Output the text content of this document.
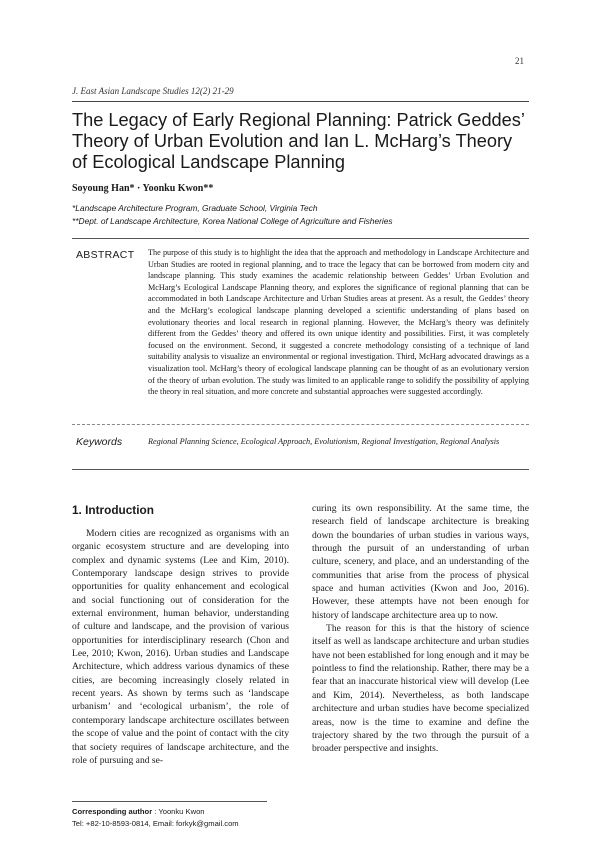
21
J. East Asian Landscape Studies 12(2) 21-29
The Legacy of Early Regional Planning: Patrick Geddes’ Theory of Urban Evolution and Ian L. McHarg’s Theory of Ecological Landscape Planning
Soyoung Han* · Yoonku Kwon**
*Landscape Architecture Program, Graduate School, Virginia Tech
**Dept. of Landscape Architecture, Korea National College of Agriculture and Fisheries
ABSTRACT The purpose of this study is to highlight the idea that the approach and methodology in Landscape Architecture and Urban Studies are rooted in regional planning, and to trace the legacy that can be borrowed from modern city and landscape planning. This study examines the academic relationship between Geddes’ Urban Evolution and McHarg’s Ecological Landscape Planning theory, and explores the significance of regional planning that can be accommodated in both Landscape Architecture and Urban Studies areas at present. As a result, the Geddes’ theory and the McHarg’s ecological landscape planning developed a scientific understanding of plans based on evolutionary theories and local research in regional planning. However, the McHarg’s theory was definitely different from the Geddes’ theory and offered its own unique identity and possibilities. First, it was completely focused on the environment. Second, it suggested a concrete methodology consisting of a technique of land suitability analysis to visualize an environmental or regional investigation. Third, McHarg advocated drawings as a visualization tool. McHarg’s theory of ecological landscape planning can be thought of as an evolutionary version of the theory of urban evolution. The study was limited to an applicable range to solidify the possibility of applying the theory in real situation, and more concrete and substantial approaches were suggested accordingly.
Keywords	Regional Planning Science, Ecological Approach, Evolutionism, Regional Investigation, Regional Analysis
1. Introduction

Modern cities are recognized as organisms with an organic ecosystem structure and are developing into complex and dynamic systems (Lee and Kim, 2010). Contemporary landscape design strives to provide opportunities for quality enhancement and ecological and social functioning out of consideration for the external environment, human behavior, understanding of culture and landscape, and the provision of various opportunities for interdisciplinary research (Chon and Lee, 2010; Kwon, 2016). Urban studies and Landscape Architecture, which address various dynamics of these cities, are becoming increasingly closely related in recent years. As shown by terms such as ‘landscape urbanism’ and ‘ecological urbanism’, the role of contemporary landscape architecture oscillates between the scope of value and the point of contact with the city that society requires of landscape architecture, and the role of pursuing and se-

curing its own responsibility. At the same time, the research field of landscape architecture is breaking down the boundaries of urban studies in various ways, through the pursuit of an understanding of urban culture, scenery, and place, and an understanding of the communities that arise from the process of physical space and human activities (Kwon and Joo, 2016). However, these attempts have not been enough for history of landscape architecture area up to now.

The reason for this is that the history of science itself as well as landscape architecture and urban studies have not been established for long enough and it may be pointless to find the relationship. Rather, there may be a fear that an inaccurate historical view will develop (Lee and Kim, 2014). Nevertheless, as both landscape architecture and urban studies have become specialized areas, now is the time to examine and define the trajectory shared by the two through the pursuit of a broader perspective and insights.

Corresponding author : Yoonku Kwon
Tel: +82-10-8593-0814, Email: forkyk@gmail.com
